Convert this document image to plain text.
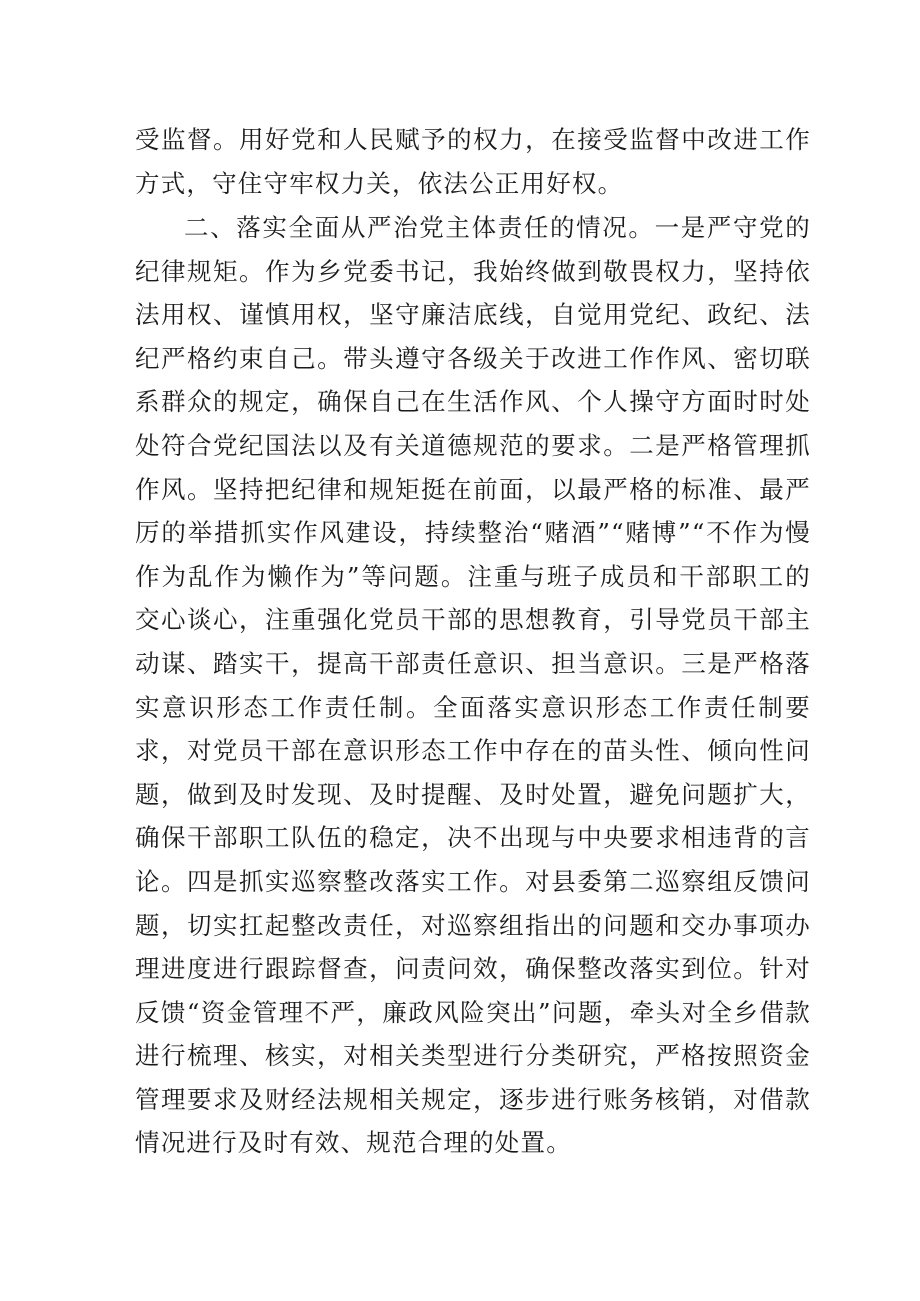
受监督。用好党和人民赋予的权力，在接受监督中改进工作方式，守住守牢权力关，依法公正用好权。

二、落实全面从严治党主体责任的情况。一是严守党的纪律规矩。作为乡党委书记，我始终做到敬畏权力，坚持依法用权、谨慎用权，坚守廉洁底线，自觉用党纪、政纪、法纪严格约束自己。带头遵守各级关于改进工作作风、密切联系群众的规定，确保自己在生活作风、个人操守方面时时处处符合党纪国法以及有关道德规范的要求。二是严格管理抓作风。坚持把纪律和规矩挺在前面，以最严格的标准、最严厉的举措抓实作风建设，持续整治“赌酒”“赌博”“不作为慢作为乱作为懒作为”等问题。注重与班子成员和干部职工的交心谈心，注重强化党员干部的思想教育，引导党员干部主动谋、踏实干，提高干部责任意识、担当意识。三是严格落实意识形态工作责任制。全面落实意识形态工作责任制要求，对党员干部在意识形态工作中存在的苗头性、倾向性问题，做到及时发现、及时提醒、及时处置，避免问题扩大，确保干部职工队伍的稳定，决不出现与中央要求相违背的言论。四是抓实巡察整改落实工作。对县委第二巡察组反馈问题，切实扛起整改责任，对巡察组指出的问题和交办事项办理进度进行跟踪督查，问责问效，确保整改落实到位。针对反馈“资金管理不严，廉政风险突出”问题，牵头对全乡借款进行梳理、核实，对相关类型进行分类研究，严格按照资金管理要求及财经法规相关规定，逐步进行账务核销，对借款情况进行及时有效、规范合理的处置。
